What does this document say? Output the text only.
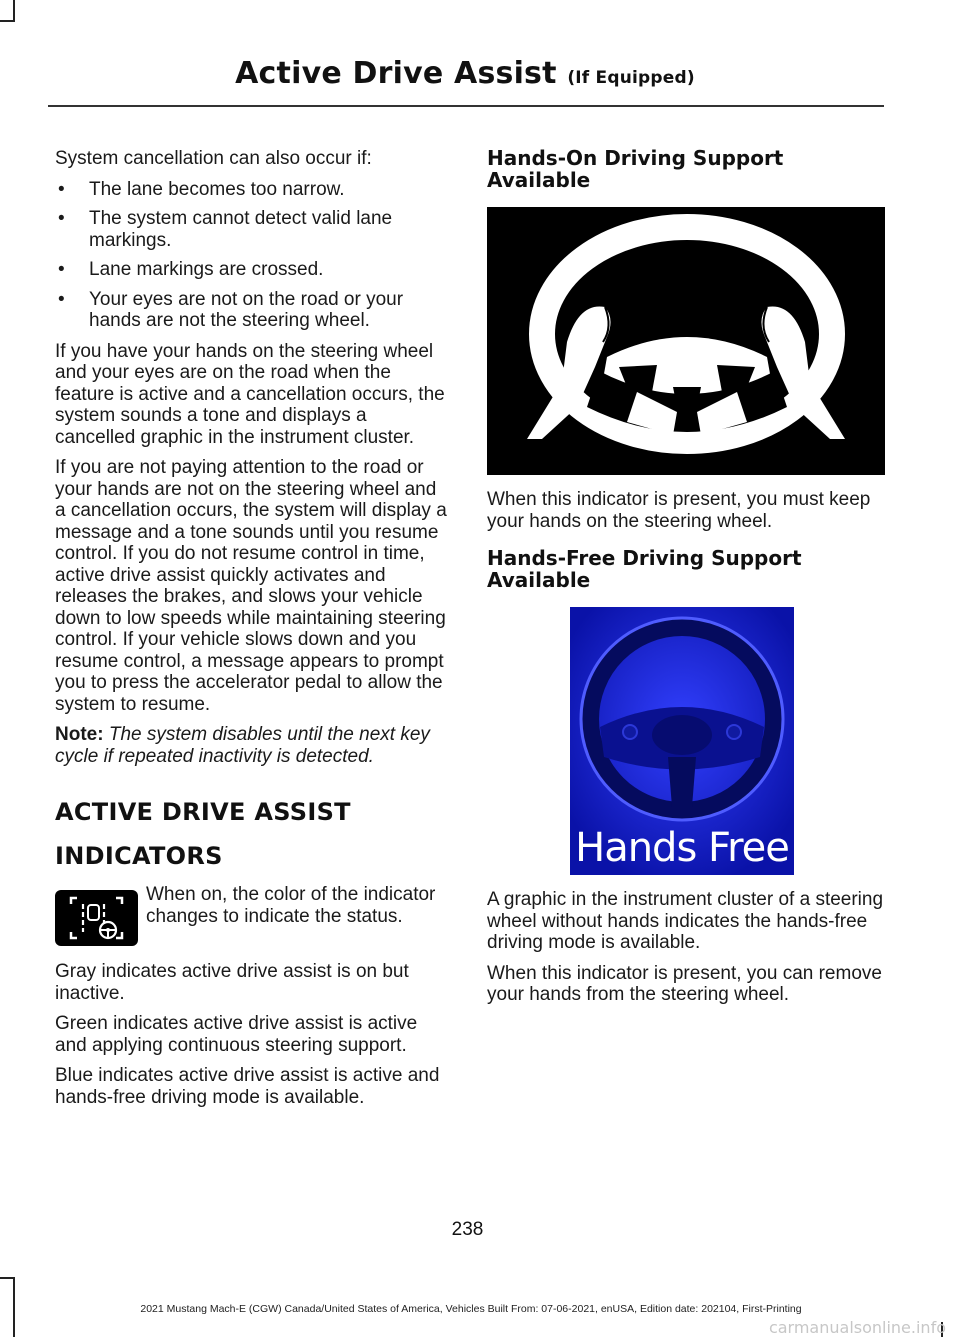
Active Drive Assist (If Equipped)

System cancellation can also occur if:

• The lane becomes too narrow.
• The system cannot detect valid lane markings.
• Lane markings are crossed.
• Your eyes are not on the road or your hands are not the steering wheel.

If you have your hands on the steering wheel and your eyes are on the road when the feature is active and a cancellation occurs, the system sounds a tone and displays a cancelled graphic in the instrument cluster.

If you are not paying attention to the road or your hands are not on the steering wheel and a cancellation occurs, the system will display a message and a tone sounds until you resume control. If you do not resume control in time, active drive assist quickly activates and releases the brakes, and slows your vehicle down to low speeds while maintaining steering control. If your vehicle slows down and you resume control, a message appears to prompt you to press the accelerator pedal to allow the system to resume.

Note: The system disables until the next key cycle if repeated inactivity is detected.

ACTIVE DRIVE ASSIST
INDICATORS
When on, the color of the indicator changes to indicate the status.

Gray indicates active drive assist is on but inactive.

Green indicates active drive assist is active and applying continuous steering support.

Blue indicates active drive assist is active and hands-free driving mode is available.

Hands-On Driving Support
Available

When this indicator is present, you must keep your hands on the steering wheel.

Hands-Free Driving Support
Available
Hands Free

A graphic in the instrument cluster of a steering wheel without hands indicates the hands-free driving mode is available.

When this indicator is present, you can remove your hands from the steering wheel.

238
2021 Mustang Mach-E (CGW) Canada/United States of America, Vehicles Built From: 07-06-2021, enUSA, Edition date: 202104, First-Printing
carmanualsonline.info
